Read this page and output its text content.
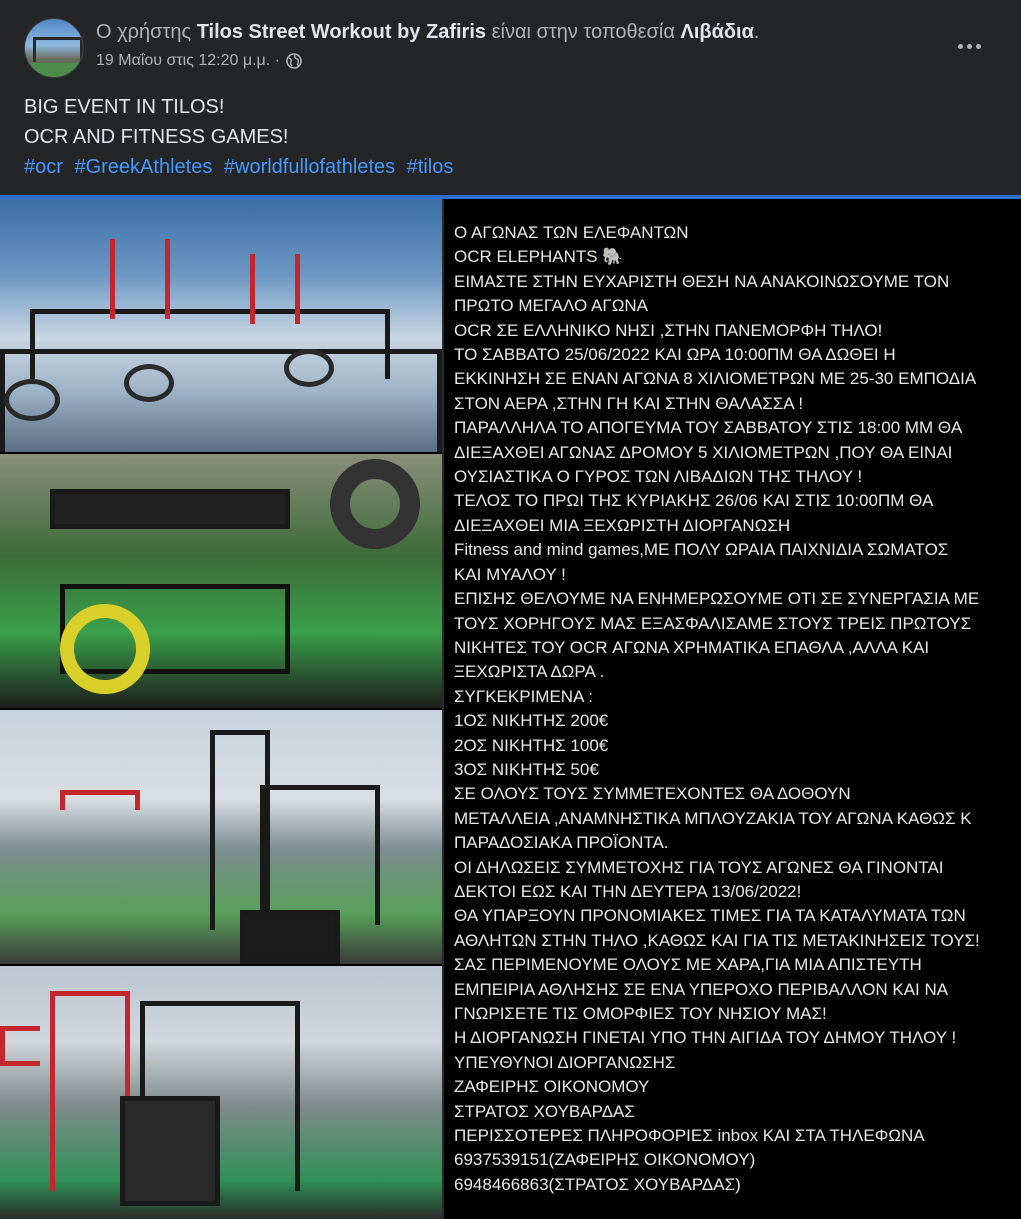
Ο χρήστης Tilos Street Workout by Zafiris είναι στην τοποθεσία Λιβάδια.
19 Μαΐου στις 12:20 μ.μ. ·
BIG EVENT IN TILOS!
OCR AND FITNESS GAMES!
#ocr #GreekAthletes #worldfullofathletes #tilos
Ο ΑΓΩΝΑΣ ΤΩΝ ΕΛΕΦΑΝΤΩΝ
OCR ELEPHANTS 🐘
ΕΙΜΑΣΤΕ ΣΤΗΝ ΕΥΧΑΡΙΣΤΗ ΘΕΣΗ ΝΑ ΑΝΑΚΟΙΝΩΣΟΥΜΕ ΤΟΝ
ΠΡΩΤΟ ΜΕΓΑΛΟ ΑΓΩΝΑ
OCR ΣΕ ΕΛΛΗΝΙΚΟ ΝΗΣΙ ,ΣΤΗΝ ΠΑΝΕΜΟΡΦΗ ΤΗΛΟ!
ΤΟ ΣΑΒΒΑΤΟ 25/06/2022 ΚΑΙ ΩΡΑ 10:00ΠΜ ΘΑ ΔΩΘΕΙ Η
ΕΚΚΙΝΗΣΗ ΣΕ ΕΝΑΝ ΑΓΩΝΑ 8 ΧΙΛΙΟΜΕΤΡΩΝ ΜΕ 25-30 ΕΜΠΟΔΙΑ
ΣΤΟΝ ΑΕΡΑ ,ΣΤΗΝ ΓΗ ΚΑΙ ΣΤΗΝ ΘΑΛΑΣΣΑ !
ΠΑΡΑΛΛΗΛΑ ΤΟ ΑΠΟΓΕΥΜΑ ΤΟΥ ΣΑΒΒΑΤΟΥ ΣΤΙΣ 18:00 ΜΜ ΘΑ
ΔΙΕΞΑΧΘΕΙ ΑΓΩΝΑΣ ΔΡΟΜΟΥ 5 ΧΙΛΙΟΜΕΤΡΩΝ ,ΠΟΥ ΘΑ ΕΙΝΑΙ
ΟΥΣΙΑΣΤΙΚΑ Ο ΓΥΡΟΣ ΤΩΝ ΛΙΒΑΔΙΩΝ ΤΗΣ ΤΗΛΟΥ !
ΤΕΛΟΣ ΤΟ ΠΡΩΙ ΤΗΣ ΚΥΡΙΑΚΗΣ 26/06 ΚΑΙ ΣΤΙΣ 10:00ΠΜ ΘΑ
ΔΙΕΞΑΧΘΕΙ ΜΙΑ ΞΕΧΩΡΙΣΤΗ ΔΙΟΡΓΑΝΩΣΗ
Fitness and mind games,ΜΕ ΠΟΛΥ ΩΡΑΙΑ ΠΑΙΧΝΙΔΙΑ ΣΩΜΑΤΟΣ
ΚΑΙ ΜΥΑΛΟΥ !
ΕΠΙΣΗΣ ΘΕΛΟΥΜΕ ΝΑ ΕΝΗΜΕΡΩΣΟΥΜΕ ΟΤΙ ΣΕ ΣΥΝΕΡΓΑΣΙΑ ΜΕ
ΤΟΥΣ ΧΟΡΗΓΟΥΣ ΜΑΣ ΕΞΑΣΦΑΛΙΣΑΜΕ ΣΤΟΥΣ ΤΡΕΙΣ ΠΡΩΤΟΥΣ
ΝΙΚΗΤΕΣ ΤΟΥ OCR ΑΓΩΝΑ ΧΡΗΜΑΤΙΚΑ ΕΠΑΘΛΑ ,ΑΛΛΑ ΚΑΙ
ΞΕΧΩΡΙΣΤΑ ΔΩΡΑ .
ΣΥΓΚΕΚΡΙΜΕΝΑ :
1ΟΣ ΝΙΚΗΤΗΣ 200€
2ΟΣ ΝΙΚΗΤΗΣ 100€
3ΟΣ ΝΙΚΗΤΗΣ 50€
ΣΕ ΟΛΟΥΣ ΤΟΥΣ ΣΥΜΜΕΤΕΧΟΝΤΕΣ ΘΑ ΔΟΘΟΥΝ
ΜΕΤΑΛΛΕΙΑ ,ΑΝΑΜΝΗΣΤΙΚΑ ΜΠΛΟΥΖΑΚΙΑ ΤΟΥ ΑΓΩΝΑ ΚΑΘΩΣ Κ
ΠΑΡΑΔΟΣΙΑΚΑ ΠΡΟΪΟΝΤΑ.
ΟΙ ΔΗΛΩΣΕΙΣ ΣΥΜΜΕΤΟΧΗΣ ΓΙΑ ΤΟΥΣ ΑΓΩΝΕΣ ΘΑ ΓΙΝΟΝΤΑΙ
ΔΕΚΤΟΙ ΕΩΣ ΚΑΙ ΤΗΝ ΔΕΥΤΕΡΑ 13/06/2022!
ΘΑ ΥΠΑΡΞΟΥΝ ΠΡΟΝΟΜΙΑΚΕΣ ΤΙΜΕΣ ΓΙΑ ΤΑ ΚΑΤΑΛΥΜΑΤΑ ΤΩΝ
ΑΘΛΗΤΩΝ ΣΤΗΝ ΤΗΛΟ ,ΚΑΘΩΣ ΚΑΙ ΓΙΑ ΤΙΣ ΜΕΤΑΚΙΝΗΣΕΙΣ ΤΟΥΣ!
ΣΑΣ ΠΕΡΙΜΕΝΟΥΜΕ ΟΛΟΥΣ ΜΕ ΧΑΡΑ,ΓΙΑ ΜΙΑ ΑΠΙΣΤΕΥΤΗ
ΕΜΠΕΙΡΙΑ ΑΘΛΗΣΗΣ ΣΕ ΕΝΑ ΥΠΕΡΟΧΟ ΠΕΡΙΒΑΛΛΟΝ ΚΑΙ ΝΑ
ΓΝΩΡΙΣΕΤΕ ΤΙΣ ΟΜΟΡΦΙΕΣ ΤΟΥ ΝΗΣΙΟΥ ΜΑΣ!
Η ΔΙΟΡΓΑΝΩΣΗ ΓΙΝΕΤΑΙ ΥΠΟ ΤΗΝ ΑΙΓΙΔΑ ΤΟΥ ΔΗΜΟΥ ΤΗΛΟΥ !
ΥΠΕΥΘΥΝΟΙ ΔΙΟΡΓΑΝΩΣΗΣ
ΖΑΦΕΙΡΗΣ ΟΙΚΟΝΟΜΟΥ
ΣΤΡΑΤΟΣ ΧΟΥΒΑΡΔΑΣ
ΠΕΡΙΣΣΟΤΕΡΕΣ ΠΛΗΡΟΦΟΡΙΕΣ inbox ΚΑΙ ΣΤΑ ΤΗΛΕΦΩΝΑ
6937539151(ΖΑΦΕΙΡΗΣ ΟΙΚΟΝΟΜΟΥ)
6948466863(ΣΤΡΑΤΟΣ ΧΟΥΒΑΡΔΑΣ)
